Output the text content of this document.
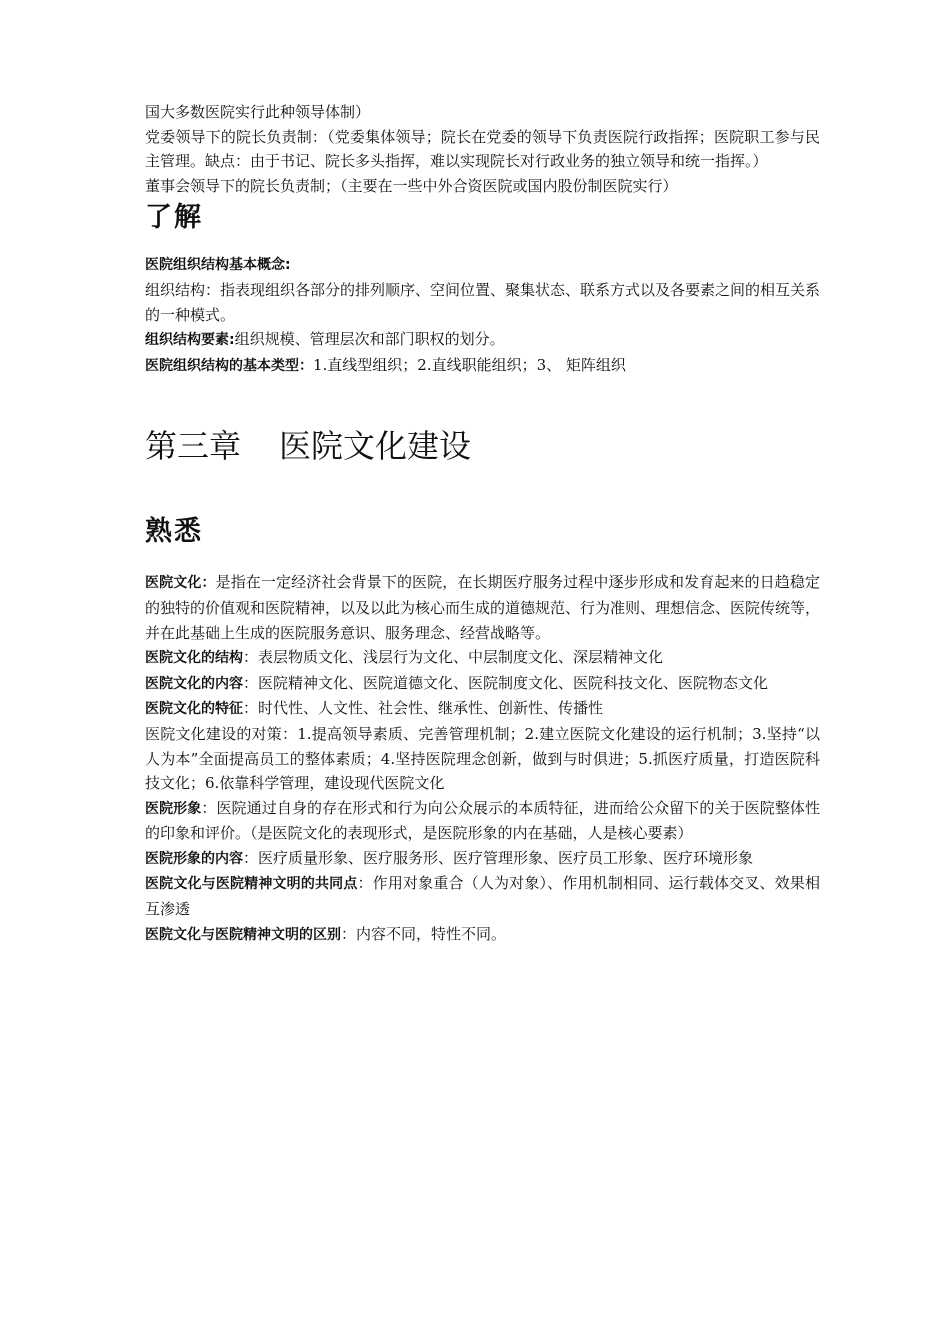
国大多数医院实行此种领导体制）

党委领导下的院长负责制：（党委集体领导；院长在党委的领导下负责医院行政指挥；医院职工参与民主管理。缺点：由于书记、院长多头指挥，难以实现院长对行政业务的独立领导和统一指挥。）

董事会领导下的院长负责制；（主要在一些中外合资医院或国内股份制医院实行）

了解

医院组织结构基本概念:

组织结构：指表现组织各部分的排列顺序、空间位置、聚集状态、联系方式以及各要素之间的相互关系的一种模式。

组织结构要素:组织规模、管理层次和部门职权的划分。

医院组织结构的基本类型：1.直线型组织；2.直线职能组织；3、 矩阵组织

第三章 医院文化建设
熟悉

医院文化：是指在一定经济社会背景下的医院，在长期医疗服务过程中逐步形成和发育起来的日趋稳定的独特的价值观和医院精神，以及以此为核心而生成的道德规范、行为准则、理想信念、医院传统等，并在此基础上生成的医院服务意识、服务理念、经营战略等。

医院文化的结构：表层物质文化、浅层行为文化、中层制度文化、深层精神文化

医院文化的内容：医院精神文化、医院道德文化、医院制度文化、医院科技文化、医院物态文化

医院文化的特征：时代性、人文性、社会性、继承性、创新性、传播性

医院文化建设的对策：1.提高领导素质、完善管理机制；2.建立医院文化建设的运行机制；3.坚持“以人为本”全面提高员工的整体素质；4.坚持医院理念创新，做到与时俱进；5.抓医疗质量，打造医院科技文化；6.依靠科学管理，建设现代医院文化

医院形象：医院通过自身的存在形式和行为向公众展示的本质特征，进而给公众留下的关于医院整体性的印象和评价。（是医院文化的表现形式，是医院形象的内在基础，人是核心要素）

医院形象的内容：医疗质量形象、医疗服务形、医疗管理形象、医疗员工形象、医疗环境形象

医院文化与医院精神文明的共同点：作用对象重合（人为对象）、作用机制相同、运行载体交叉、效果相互渗透

医院文化与医院精神文明的区别：内容不同，特性不同。
